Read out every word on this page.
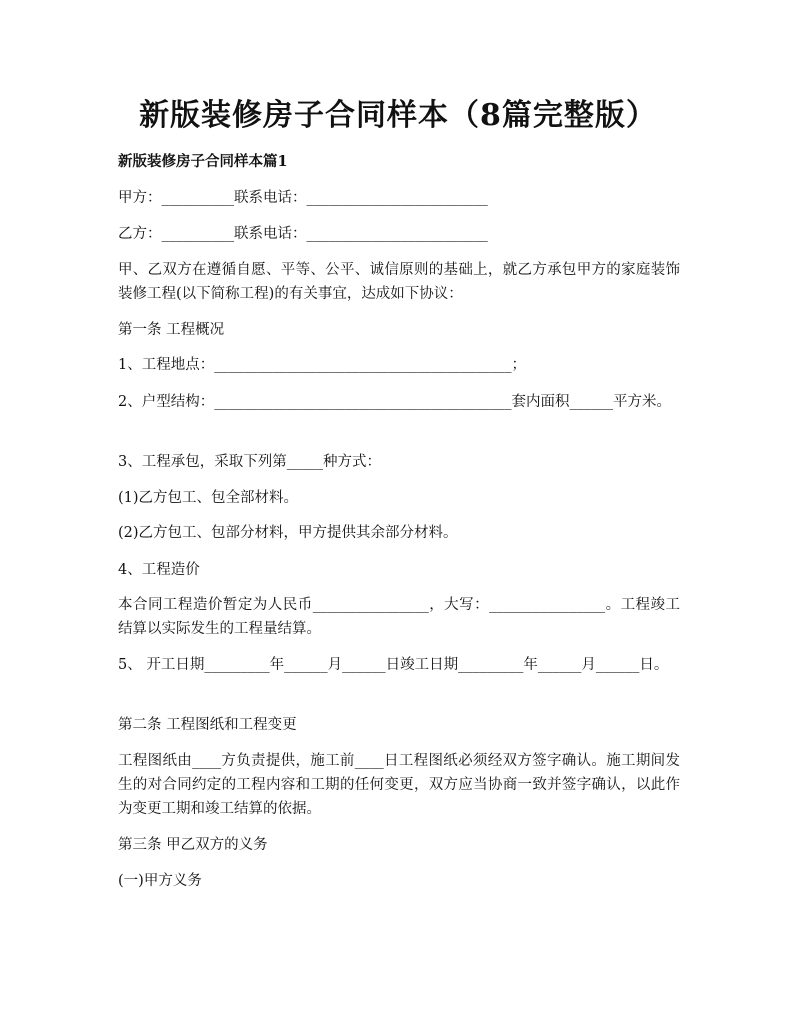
新版装修房子合同样本（8篇完整版）
新版装修房子合同样本篇1
甲方：__________联系电话：_________________________
乙方：__________联系电话：_________________________
甲、乙双方在遵循自愿、平等、公平、诚信原则的基础上，就乙方承包甲方的家庭装饰装修工程(以下简称工程)的有关事宜，达成如下协议：
第一条 工程概况
1、工程地点：_________________________________________；
2、户型结构：_________________________________________套内面积______平方米。
3、工程承包，采取下列第_____种方式：
(1)乙方包工、包全部材料。
(2)乙方包工、包部分材料，甲方提供其余部分材料。
4、工程造价
本合同工程造价暂定为人民币________________，大写：________________。工程竣工结算以实际发生的工程量结算。
5、 开工日期_________年______月______日竣工日期_________年______月______日。
第二条 工程图纸和工程变更
工程图纸由____方负责提供，施工前____日工程图纸必须经双方签字确认。施工期间发生的对合同约定的工程内容和工期的任何变更，双方应当协商一致并签字确认，以此作为变更工期和竣工结算的依据。
第三条 甲乙双方的义务
(一)甲方义务
